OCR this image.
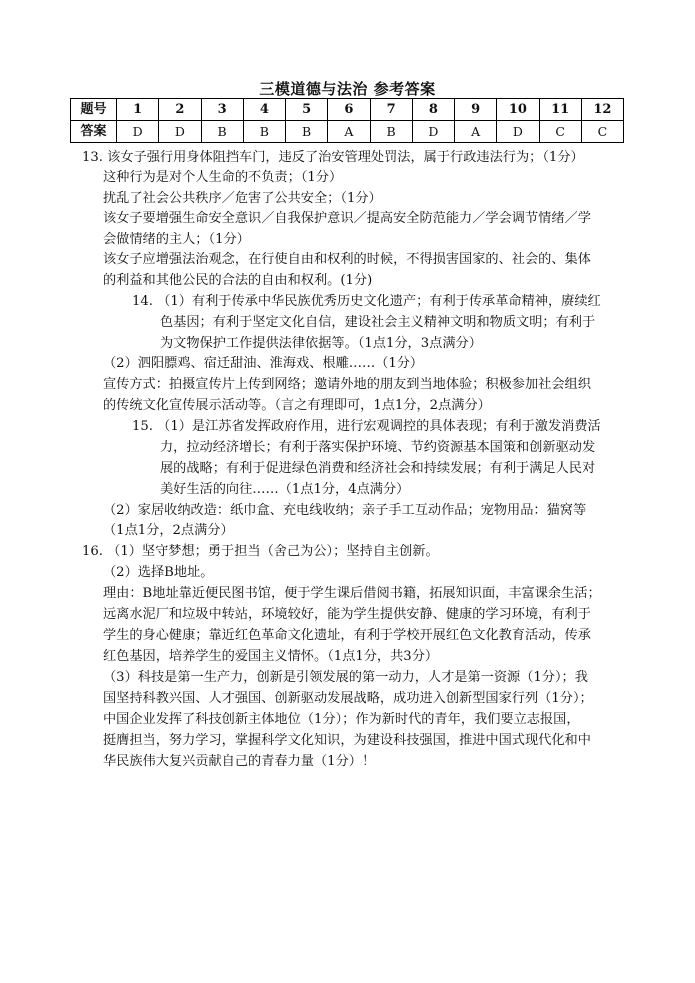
三模道德与法治 参考答案
题号	1	2	3	4	5	6	7	8	9	10	11	12
答案	D	D	B	B	B	A	B	D	A	D	C	C
13. 该女子强行用身体阻挡车门，违反了治安管理处罚法，属于行政违法行为；（1分）
这种行为是对个人生命的不负责；（1分）
扰乱了社会公共秩序／危害了公共安全；（1分）
该女子要增强生命安全意识／自我保护意识／提高安全防范能力／学会调节情绪／学
会做情绪的主人；（1分）
该女子应增强法治观念，在行使自由和权利的时候，不得损害国家的、社会的、集体
的利益和其他公民的合法的自由和权利。(1分)
14. （1）有利于传承中华民族优秀历史文化遗产；有利于传承革命精神，赓续红
色基因；有利于坚定文化自信，建设社会主义精神文明和物质文明；有利于
为文物保护工作提供法律依据等。（1点1分，3点满分）
（2）泗阳膘鸡、宿迁甜油、淮海戏、根雕……（1分）
宣传方式：拍摄宣传片上传到网络；邀请外地的朋友到当地体验；积极参加社会组织
的传统文化宣传展示活动等。（言之有理即可，1点1分，2点满分）
15. （1）是江苏省发挥政府作用，进行宏观调控的具体表现；有利于激发消费活
力，拉动经济增长；有利于落实保护环境、节约资源基本国策和创新驱动发
展的战略；有利于促进绿色消费和经济社会和持续发展；有利于满足人民对
美好生活的向往……（1点1分，4点满分）
（2）家居收纳改造：纸巾盒、充电线收纳；亲子手工互动作品；宠物用品：猫窝等
（1点1分，2点满分）
16. （1）坚守梦想；勇于担当（舍己为公）；坚持自主创新。
（2）选择B地址。
理由：B地址靠近便民图书馆，便于学生课后借阅书籍，拓展知识面，丰富课余生活；
远离水泥厂和垃圾中转站，环境较好，能为学生提供安静、健康的学习环境，有利于
学生的身心健康；靠近红色革命文化遗址，有利于学校开展红色文化教育活动，传承
红色基因，培养学生的爱国主义情怀。（1点1分，共3分）
（3）科技是第一生产力，创新是引领发展的第一动力，人才是第一资源（1分）；我
国坚持科教兴国、人才强国、创新驱动发展战略，成功进入创新型国家行列（1分）；
中国企业发挥了科技创新主体地位（1分）；作为新时代的青年，我们要立志报国，
挺膺担当，努力学习，掌握科学文化知识，为建设科技强国，推进中国式现代化和中
华民族伟大复兴贡献自己的青春力量（1分）！
